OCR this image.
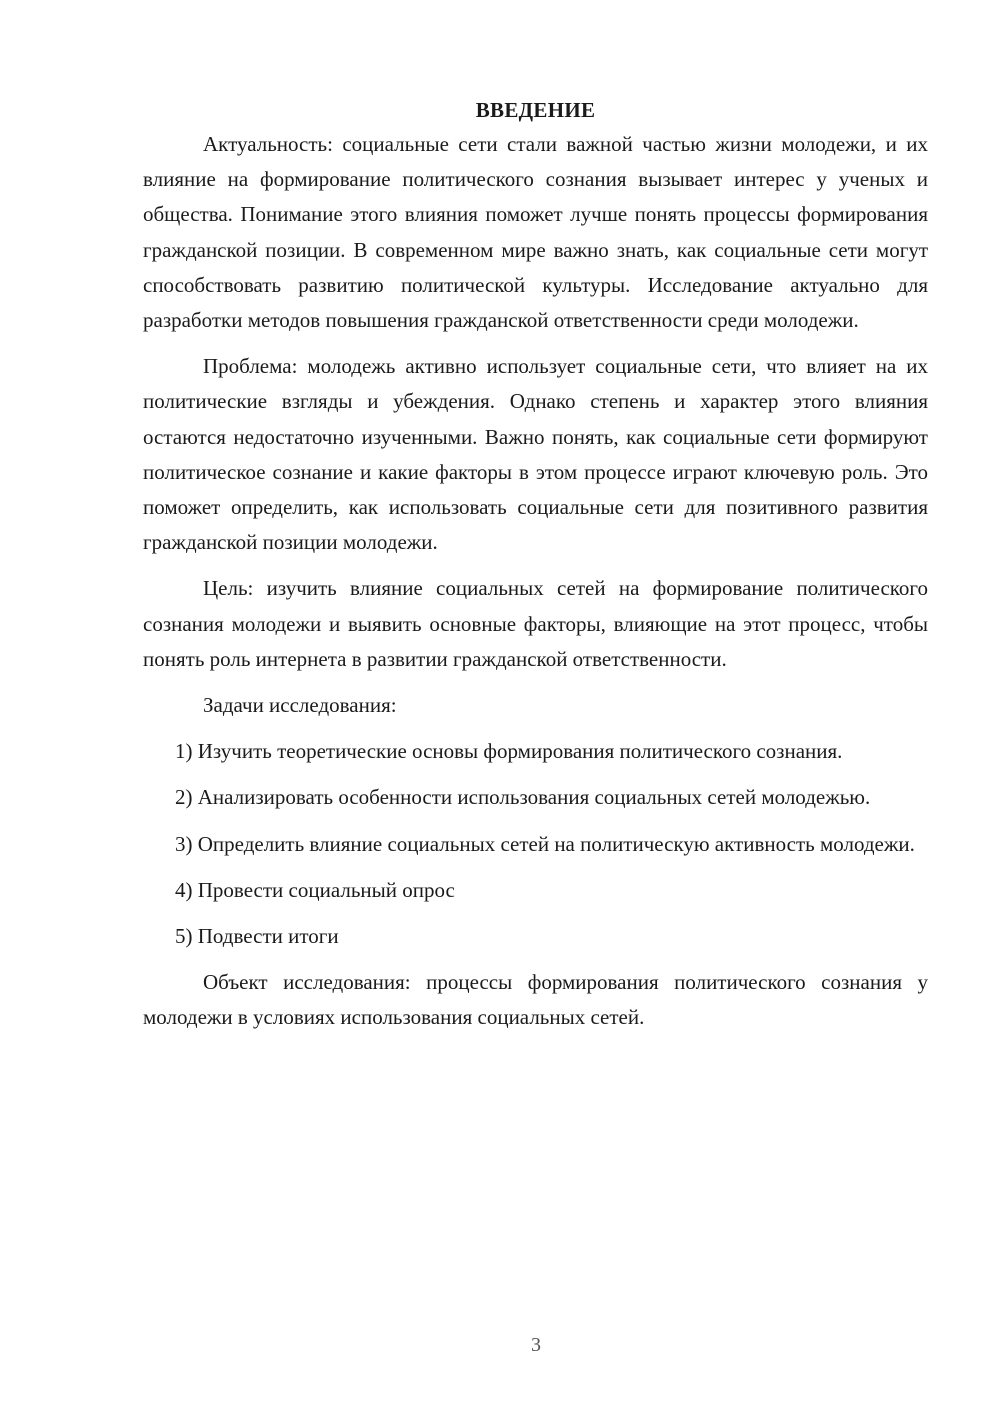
ВВЕДЕНИЕ

Актуальность: социальные сети стали важной частью жизни молодежи, и их влияние на формирование политического сознания вызывает интерес у ученых и общества. Понимание этого влияния поможет лучше понять процессы формирования гражданской позиции. В современном мире важно знать, как социальные сети могут способствовать развитию политической культуры. Исследование актуально для разработки методов повышения гражданской ответственности среди молодежи.

Проблема: молодежь активно использует социальные сети, что влияет на их политические взгляды и убеждения. Однако степень и характер этого влияния остаются недостаточно изученными. Важно понять, как социальные сети формируют политическое сознание и какие факторы в этом процессе играют ключевую роль. Это поможет определить, как использовать социальные сети для позитивного развития гражданской позиции молодежи.

Цель: изучить влияние социальных сетей на формирование политического сознания молодежи и выявить основные факторы, влияющие на этот процесс, чтобы понять роль интернета в развитии гражданской ответственности.

Задачи исследования:

1) Изучить теоретические основы формирования политического сознания.

2) Анализировать особенности использования социальных сетей молодежью.

3) Определить влияние социальных сетей на политическую активность молодежи.

4) Провести социальный опрос

5) Подвести итоги

Объект исследования: процессы формирования политического сознания у молодежи в условиях использования социальных сетей.

3
